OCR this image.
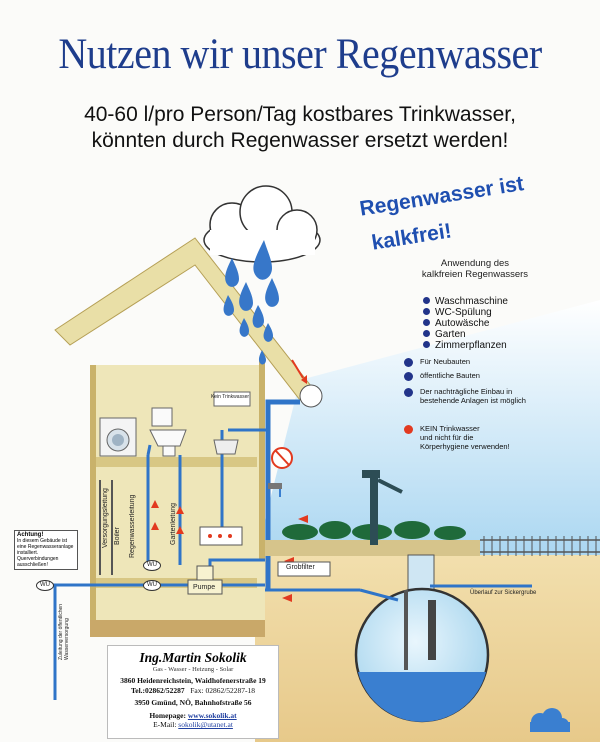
Nutzen wir unser Regenwasser
40-60 l/pro Person/Tag kostbares Trinkwasser,
könnten durch Regenwasser ersetzt werden!
Regenwasser ist
kalkfrei!
Anwendung des
kalkfreien Regenwassers
Waschmaschine
WC-Spülung
Autowäsche
Garten
Zimmerpflanzen
Für Neubauten
öffentliche Bauten
Der nachträgliche Einbau in
bestehende Anlagen ist möglich
KEIN Trinkwasser
und nicht für die
Körperhygiene verwenden!
Versorgungsleitung Boiler Regenwasserleitung	Gartenleitung
Pumpe
WU
WU
WU
Grobfilter
Überlauf zur Sickergrube
Kein Trinkwasser
Zuleitung der öffentlichen Wasserversorgung
Achtung!
In diesem Gebäude ist eine Regenwasseranlage installiert. Querverbindungen ausschließen!
Ing.Martin Sokolik
Gas - Wasser - Heizung - Solar
3860 Heidenreichstein, Waidhofenerstraße 19
Tel.:02862/52287 Fax: 02862/52287-18
3950 Gmünd, NÖ, Bahnhofstraße 56
Homepage: www.sokolik.at
E-Mail: sokolik@utanet.at
